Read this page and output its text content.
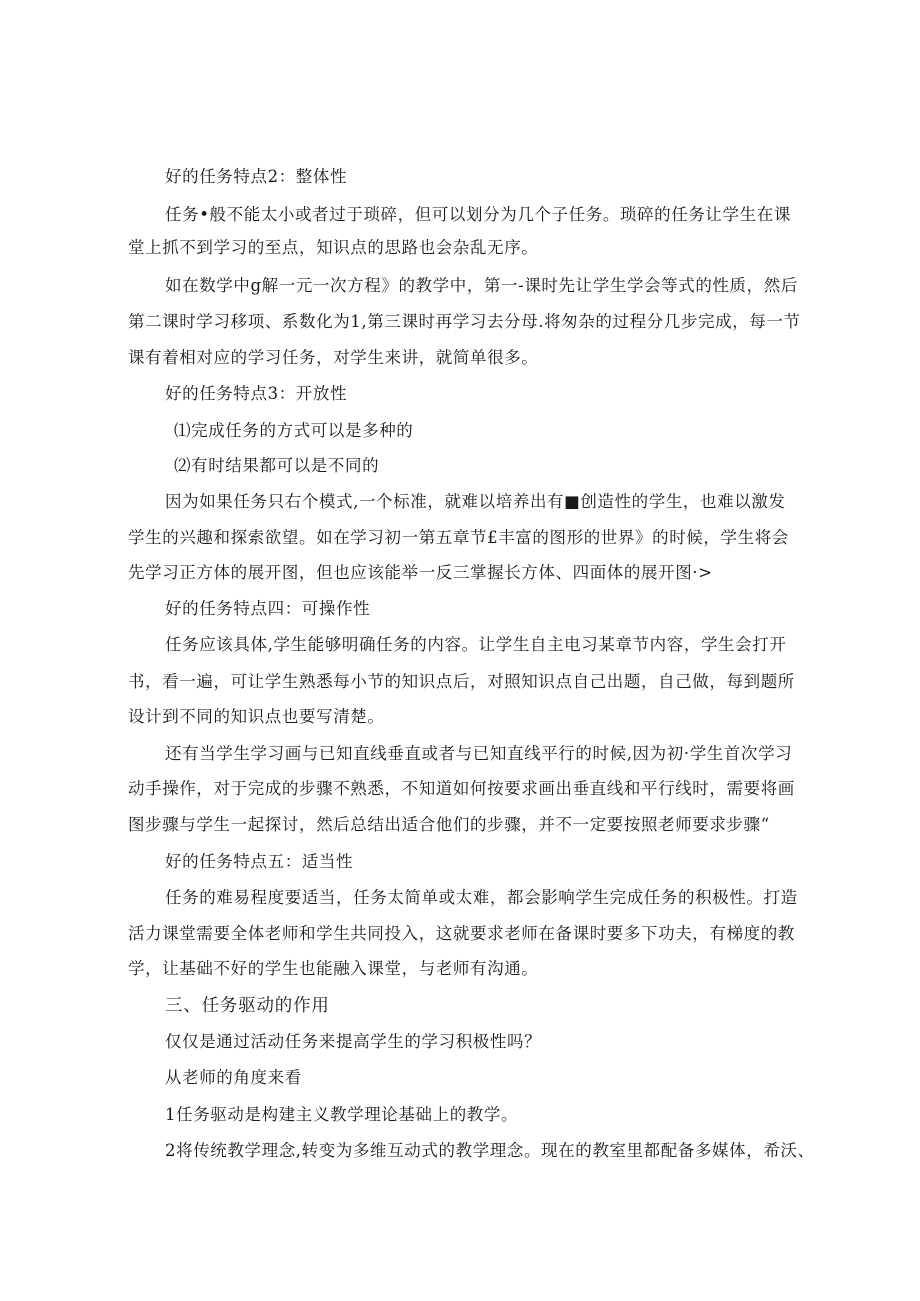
好的任务特点2：整体性
任务•般不能太小或者过于琐碎，但可以划分为几个子任务。琐碎的任务让学生在课
堂上抓不到学习的至点，知识点的思路也会杂乱无序。
如在数学中g解一元一次方程》的教学中，第一-课时先让学生学会等式的性质，然后
第二课时学习移项、系数化为1,第三课时再学习去分母.将匆杂的过程分几步完成，每一节
课有着相对应的学习任务，对学生来讲，就简单很多。
好的任务特点3：开放性
⑴完成任务的方式可以是多种的
⑵有时结果都可以是不同的
因为如果任务只右个模式,一个标准，就难以培养出有■创造性的学生，也难以激发
学生的兴趣和探索欲望。如在学习初一第五章节£丰富的图形的世界》的时候，学生将会
先学习正方体的展开图，但也应该能举一反三掌握长方体、四面体的展开图·>
好的任务特点四：可操作性
任务应该具体,学生能够明确任务的内容。让学生自主电习某章节内容，学生会打开
书，看一遍，可让学生熟悉每小节的知识点后，对照知识点自己出题，自己做，每到题所
设计到不同的知识点也要写清楚。
还有当学生学习画与已知直线垂直或者与已知直线平行的时候,因为初·学生首次学习
动手操作，对于完成的步骤不熟悉，不知道如何按要求画出垂直线和平行线时，需要将画
图步骤与学生一起探讨，然后总结出适合他们的步骤，并不一定要按照老师要求步骤“
好的任务特点五：适当性
任务的难易程度要适当，任务太简单或太难，都会影响学生完成任务的积极性。打造
活力课堂需要全体老师和学生共同投入，这就要求老师在备课时要多下功夫，有梯度的教
学，让基础不好的学生也能融入课堂，与老师有沟通。
三、任务驱动的作用
仅仅是通过活动任务来提高学生的学习积极性吗？
从老师的角度来看
1任务驱动是构建主义教学理论基础上的教学。
2将传统教学理念,转变为多维互动式的教学理念。现在的教室里都配备多媒体，希沃、
